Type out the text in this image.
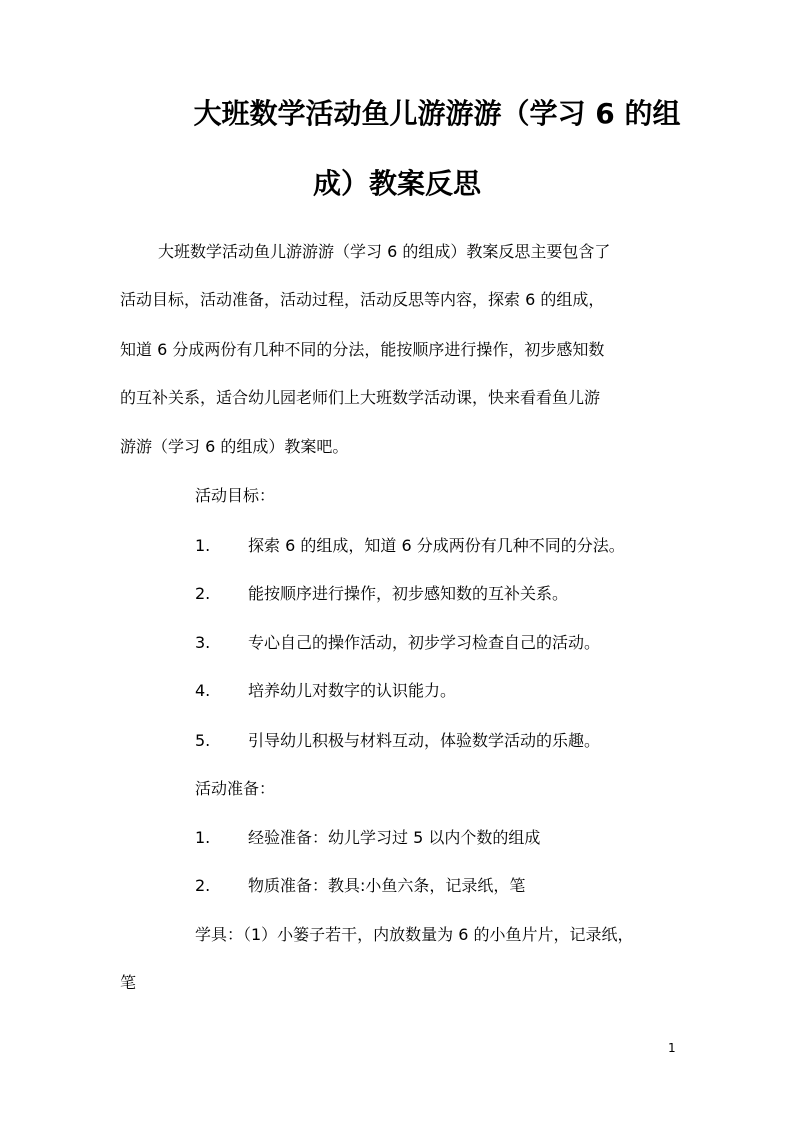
大班数学活动鱼儿游游游（学习 6 的组
成）教案反思
大班数学活动鱼儿游游游（学习 6 的组成）教案反思主要包含了
活动目标，活动准备，活动过程，活动反思等内容，探索 6 的组成，
知道 6 分成两份有几种不同的分法，能按顺序进行操作，初步感知数
的互补关系，适合幼儿园老师们上大班数学活动课，快来看看鱼儿游
游游（学习 6 的组成）教案吧。
活动目标：
1. 探索 6 的组成，知道 6 分成两份有几种不同的分法。
2. 能按顺序进行操作，初步感知数的互补关系。
3. 专心自己的操作活动，初步学习检查自己的活动。
4. 培养幼儿对数字的认识能力。
5. 引导幼儿积极与材料互动，体验数学活动的乐趣。
活动准备：
1. 经验准备：幼儿学习过 5 以内个数的组成
2. 物质准备：教具:小鱼六条，记录纸，笔
学具：（1）小篓子若干，内放数量为 6 的小鱼片片，记录纸，
笔
1
